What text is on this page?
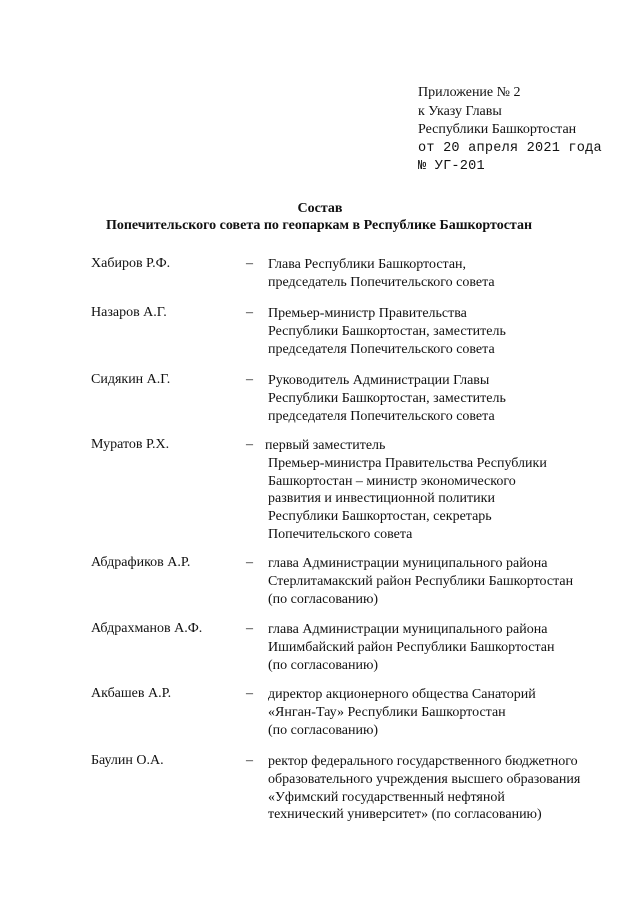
Приложение № 2
к Указу Главы
Республики Башкортостан
от 20 апреля 2021 года
№ УГ-201
Состав
Попечительского совета по геопаркам в Республике Башкортостан
Хабиров Р.Ф.	– Глава Республики Башкортостан,
председатель Попечительского совета
Назаров А.Г.	– Премьер-министр Правительства
Республики Башкортостан, заместитель
председателя Попечительского совета
Сидякин А.Г.	– Руководитель Администрации Главы
Республики Башкортостан, заместитель
председателя Попечительского совета
Муратов Р.Х.	– первый заместитель
Премьер-министра Правительства Республики
Башкортостан – министр экономического
развития и инвестиционной политики
Республики Башкортостан, секретарь
Попечительского совета
Абдрафиков А.Р.	– глава Администрации муниципального района
Стерлитамакский район Республики Башкортостан
(по согласованию)
Абдрахманов А.Ф.	– глава Администрации муниципального района
Ишимбайский район Республики Башкортостан
(по согласованию)
Акбашев А.Р.	– директор акционерного общества Санаторий
«Янган-Тау» Республики Башкортостан
(по согласованию)
Баулин О.А.	– ректор федерального государственного бюджетного
образовательного учреждения высшего образования
«Уфимский государственный нефтяной
технический университет» (по согласованию)
